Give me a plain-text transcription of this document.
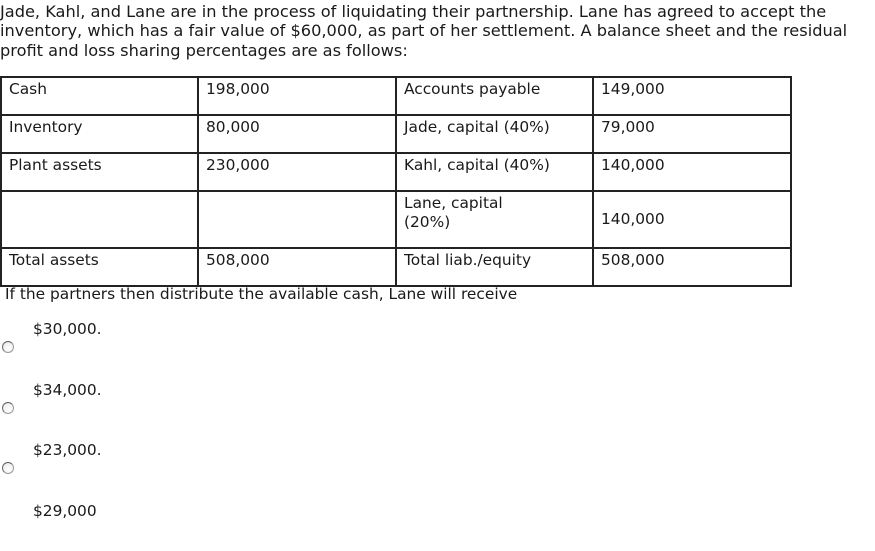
Jade, Kahl, and Lane are in the process of liquidating their partnership. Lane has agreed to accept the inventory, which has a fair value of $60,000, as part of her settlement. A balance sheet and the residual profit and loss sharing percentages are as follows:

Cash	198,000	Accounts payable	149,000
Inventory	80,000	Jade, capital (40%)	79,000
Plant assets	230,000	Kahl, capital (40%)	140,000
		Lane, capital (20%)	140,000
Total assets	508,000	Total liab./equity	508,000

If the partners then distribute the available cash, Lane will receive

$30,000.
$34,000.
$23,000.
$29,000
